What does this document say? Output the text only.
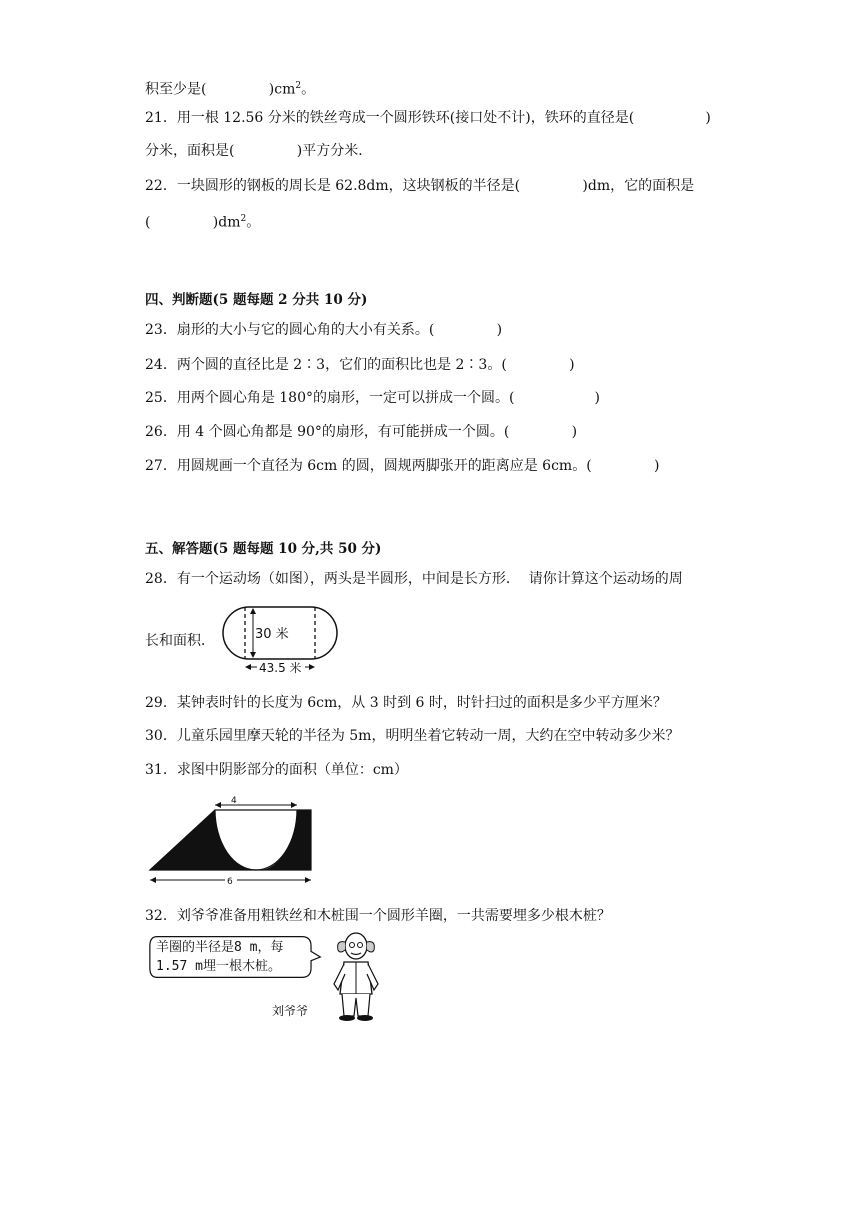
积至少是(	)$cm^2$。
21．用一根 12.56 分米的铁丝弯成一个圆形铁环(接口处不计)，铁环的直径是(                )
分米，面积是(              )平方分米．
22．一块圆形的钢板的周长是 62.8dm，这块钢板的半径是(              )dm，它的面积是
(              )$dm^2$。
四、判断题(5 题每题 2 分共 10 分)
23．扇形的大小与它的圆心角的大小有关系。(              )
24．两个圆的直径比是 2∶3，它们的面积比也是 2∶3。(              )
25．用两个圆心角是 180°的扇形，一定可以拼成一个圆。(                  )
26．用 4 个圆心角都是 90°的扇形，有可能拼成一个圆。(              )
27．用圆规画一个直径为 6cm 的圆，圆规两脚张开的距离应是 6cm。(              )
五、解答题(5 题每题 10 分,共 50 分)
28．有一个运动场（如图），两头是半圆形，中间是长方形．  请你计算这个运动场的周
长和面积．	30 米
43.5 米
29．某钟表时针的长度为 6cm，从 3 时到 6 时，时针扫过的面积是多少平方厘米？
30．儿童乐园里摩天轮的半径为 5m，明明坐着它转动一周，大约在空中转动多少米？
31．求图中阴影部分的面积（单位：cm）
4
6
32．刘爷爷准备用粗铁丝和木桩围一个圆形羊圈，一共需要埋多少根木桩？
羊圈的半径是8 m，每
1.57 m埋一根木桩。
刘爷爷
